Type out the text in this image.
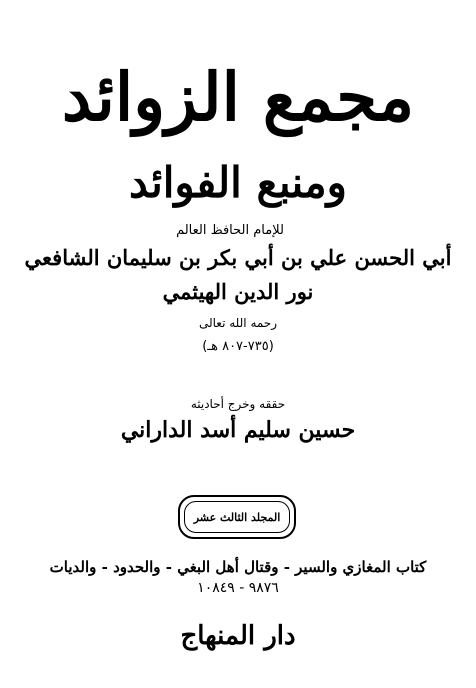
مجمع الزوائد
ومنبع الفوائد
للإمام الحافظ العالم
أبي الحسن علي بن أبي بكر بن سليمان الشافعي
نور الدين الهيثمي
رحمه الله تعالى
(٧٣٥-٨٠٧ هـ)
حققه وخرج أحاديثه
حسين سليم أسد الداراني
المجلد الثالث عشر
كتاب المغازي والسير - وقتال أهل البغي - والحدود - والديات
٩٨٧٦ - ١٠٨٤٩
دار المنهاج
